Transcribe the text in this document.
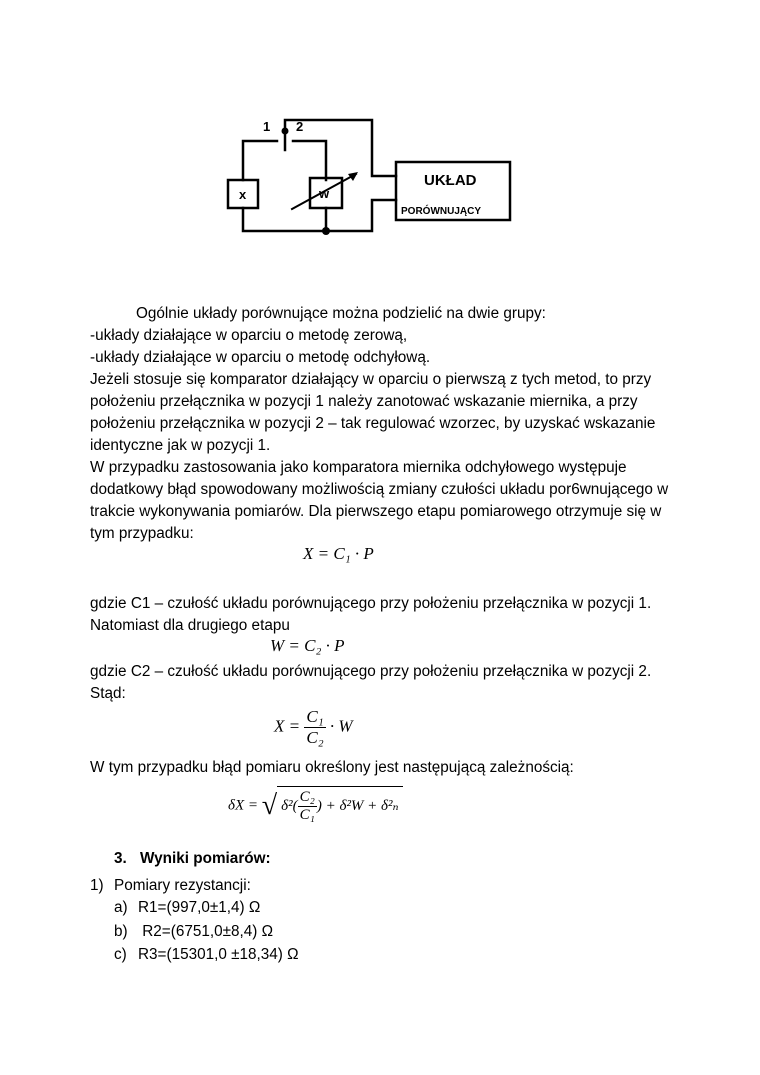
1 2
x	w
UKŁAD
PORÓWNUJĄCY

Ogólnie układy porównujące można podzielić na dwie grupy:

-układy działające w oparciu o metodę zerową,

-układy działające w oparciu o metodę odchyłową.

Jeżeli stosuje się komparator działający w oparciu o pierwszą z tych metod, to przy położeniu przełącznika w pozycji 1 należy zanotować wskazanie miernika, a przy położeniu przełącznika w pozycji 2 – tak regulować wzorzec, by uzyskać wskazanie identyczne jak w pozycji 1.

W przypadku zastosowania jako komparatora miernika odchyłowego występuje dodatkowy błąd spowodowany możliwością zmiany czułości układu por6wnującego w trakcie wykonywania pomiarów. Dla pierwszego etapu pomiarowego otrzymuje się w tym przypadku:

X = C₁ · P

gdzie C1 – czułość układu porównującego przy położeniu przełącznika w pozycji 1. Natomiast dla drugiego etapu

W = C₂ · P

gdzie C2 – czułość układu porównującego przy położeniu przełącznika w pozycji 2. Stąd:

$X = \frac{\text{C₁}}{\text{C₂}} \cdot W$

W tym przypadku błąd pomiaru określony jest następującą zależnością:

δX = √ $\delta^2( \frac{\text{C₂}}{\text{C₁}}$ ) + δ²W + δ²ₙ
3. Wyniki pomiarów:
1) Pomiary rezystancji:
a) R1=(997,0±1,4) Ω
b) R2=(6751,0±8,4) Ω
c) R3=(15301,0 ±18,34) Ω
